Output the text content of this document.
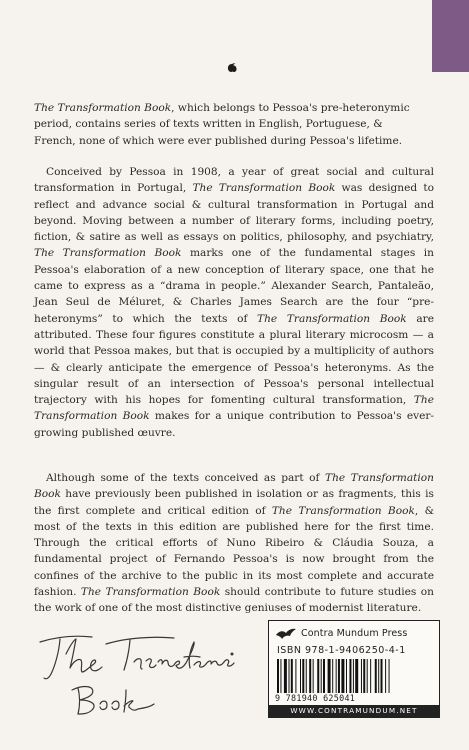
The Transformation Book, which belongs to Pessoa's pre-heteronymic period, contains series of texts written in English, Portuguese, & French, none of which were ever published during Pessoa's lifetime.

Conceived by Pessoa in 1908, a year of great social and cultural transformation in Portugal, The Transformation Book was designed to reflect and advance social & cultural transformation in Portugal and beyond. Moving between a number of literary forms, including poetry, fiction, & satire as well as essays on politics, philosophy, and psychiatry, The Transformation Book marks one of the fundamental stages in Pessoa's elaboration of a new conception of literary space, one that he came to express as a “drama in people.” Alexander Search, Pantaleão, Jean Seul de Méluret, & Charles James Search are the four “pre-heteronyms” to which the texts of The Transformation Book are attributed. These four figures constitute a plural literary microcosm — a world that Pessoa makes, but that is occupied by a multiplicity of authors — & clearly anticipate the emergence of Pessoa's heteronyms. As the singular result of an intersection of Pessoa's personal intellectual trajectory with his hopes for fomenting cultural transformation, The Transformation Book makes for a unique contribution to Pessoa's ever-growing published œuvre.

Although some of the texts conceived as part of The Transformation Book have previously been published in isolation or as fragments, this is the first complete and critical edition of The Transformation Book, & most of the texts in this edition are published here for the first time. Through the critical efforts of Nuno Ribeiro & Cláudia Souza, a fundamental project of Fernando Pessoa's is now brought from the confines of the archive to the public in its most complete and accurate fashion. The Transformation Book should contribute to future studies on the work of one of the most distinctive geniuses of modernist literature.

Contra Mundum Press
ISBN 978-1-9406250-4-1
9 781940 625041
WWW.CONTRAMUNDUM.NET
